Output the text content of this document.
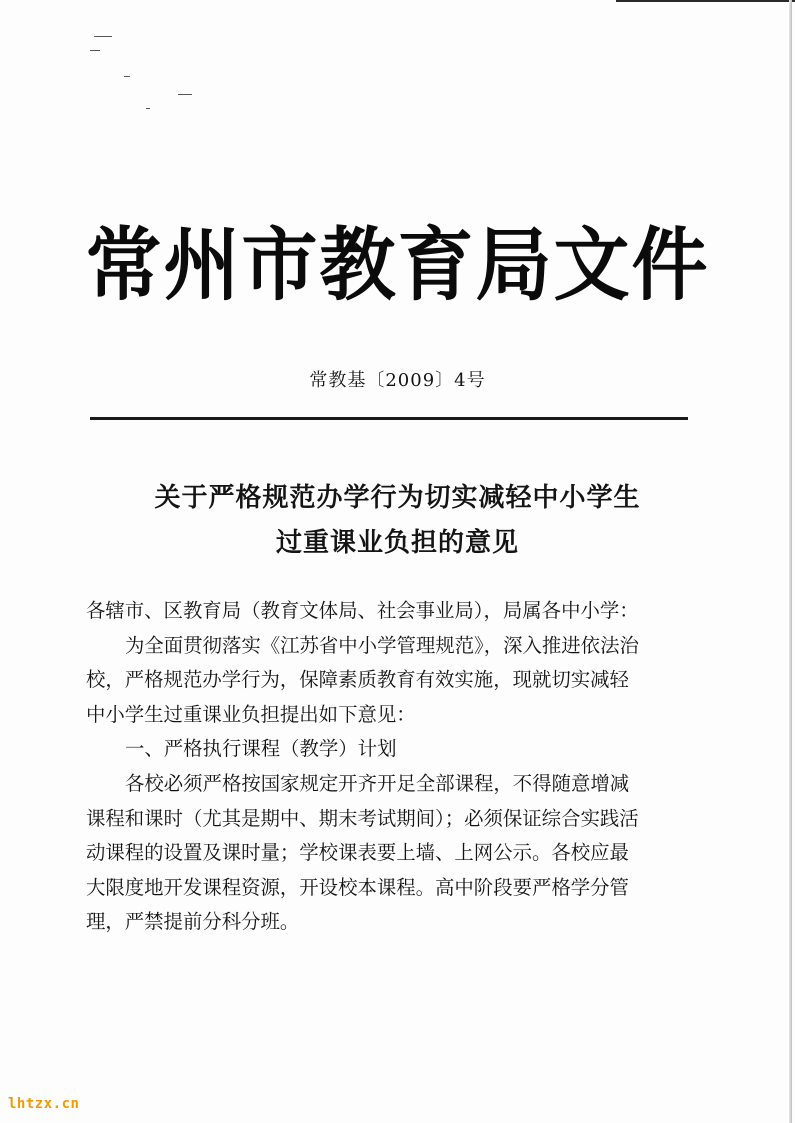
常州市教育局文件
常教基〔2009〕4号
关于严格规范办学行为切实减轻中小学生
过重课业负担的意见
各辖市、区教育局（教育文体局、社会事业局），局属各中小学：
为全面贯彻落实《江苏省中小学管理规范》，深入推进依法治
校，严格规范办学行为，保障素质教育有效实施，现就切实减轻
中小学生过重课业负担提出如下意见：
一、严格执行课程（教学）计划
各校必须严格按国家规定开齐开足全部课程，不得随意增减
课程和课时（尤其是期中、期末考试期间）；必须保证综合实践活
动课程的设置及课时量；学校课表要上墙、上网公示。各校应最
大限度地开发课程资源，开设校本课程。高中阶段要严格学分管
理，严禁提前分科分班。
lhtzx.cn
